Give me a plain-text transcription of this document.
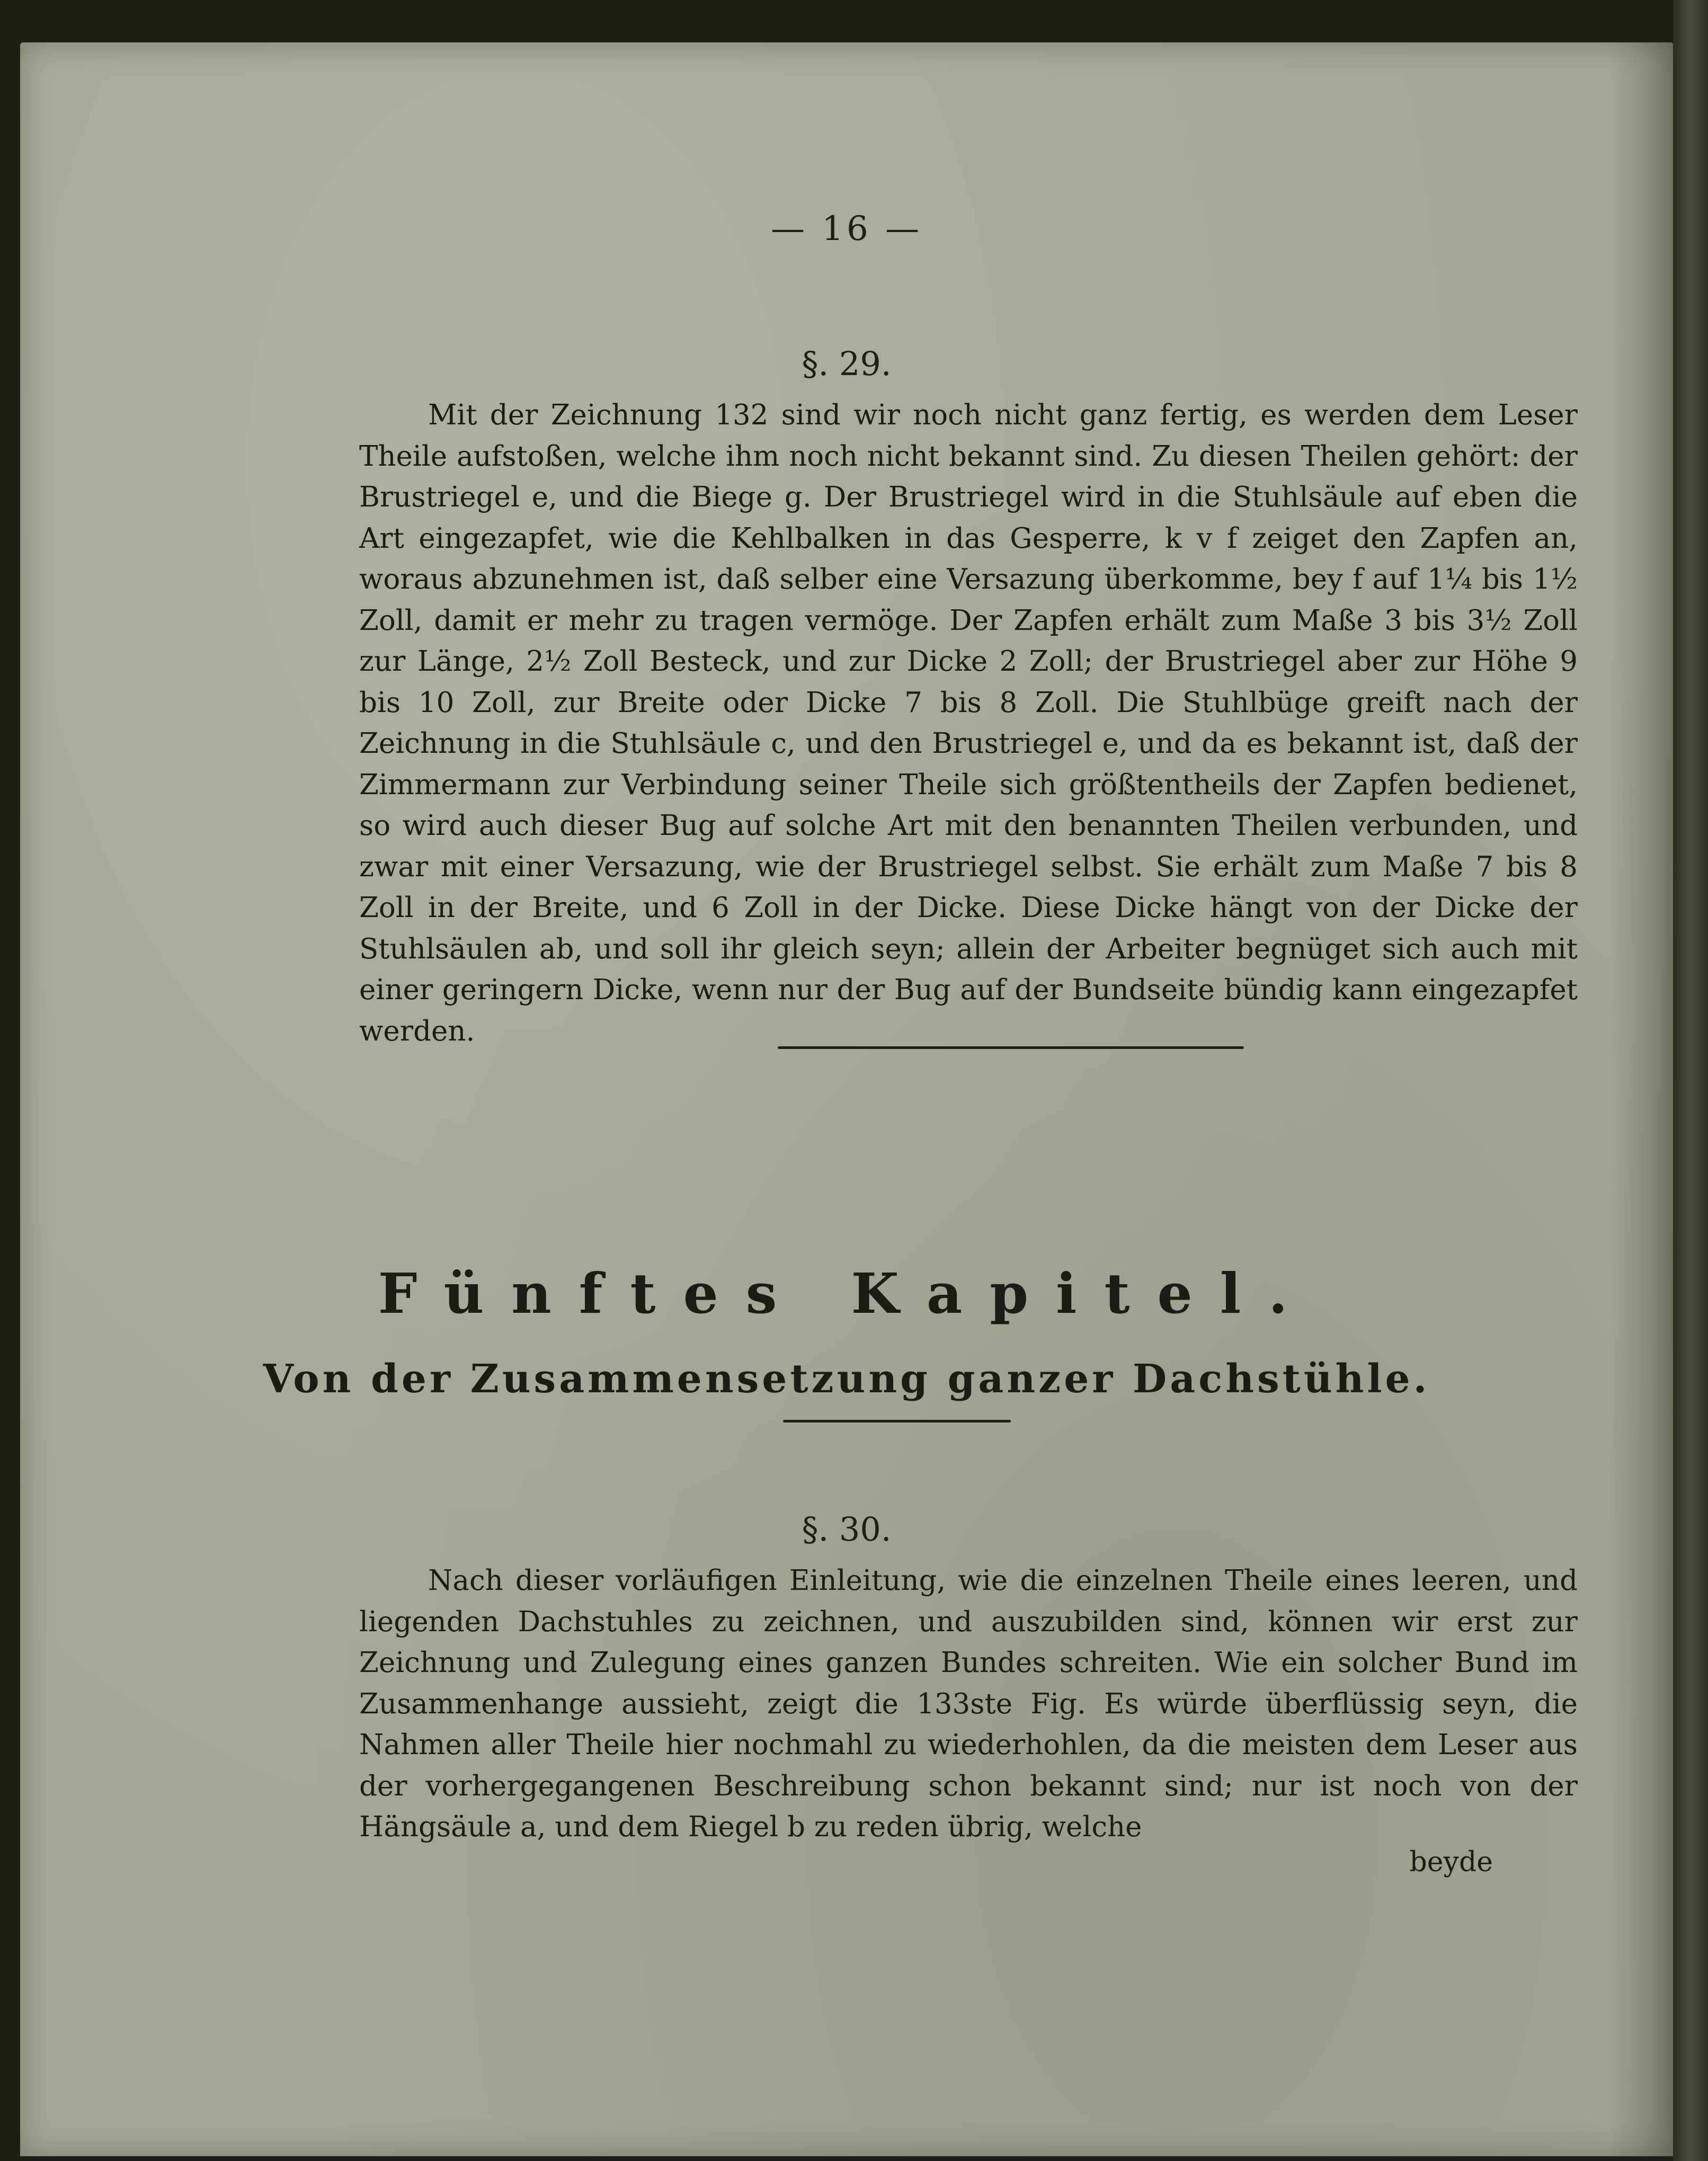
— 16 —
§. 29.

Mit der Zeichnung 132 sind wir noch nicht ganz fertig, es werden dem Leser Theile aufstoßen, welche ihm noch nicht bekannt sind. Zu diesen Theilen gehört: der Brustriegel e, und die Biege g. Der Brustriegel wird in die Stuhlsäule auf eben die Art eingezapfet, wie die Kehlbalken in das Gesperre, k v f zeiget den Zapfen an, woraus abzunehmen ist, daß selber eine Versazung überkomme, bey f auf 1¼ bis 1½ Zoll, damit er mehr zu tragen vermöge. Der Zapfen erhält zum Maße 3 bis 3½ Zoll zur Länge, 2½ Zoll Besteck, und zur Dicke 2 Zoll; der Brustriegel aber zur Höhe 9 bis 10 Zoll, zur Breite oder Dicke 7 bis 8 Zoll. Die Stuhlbüge greift nach der Zeichnung in die Stuhlsäule c, und den Brustriegel e, und da es bekannt ist, daß der Zimmermann zur Verbindung seiner Theile sich größtentheils der Zapfen bedienet, so wird auch dieser Bug auf solche Art mit den benannten Theilen verbunden, und zwar mit einer Versazung, wie der Brustriegel selbst. Sie erhält zum Maße 7 bis 8 Zoll in der Breite, und 6 Zoll in der Dicke. Diese Dicke hängt von der Dicke der Stuhlsäulen ab, und soll ihr gleich seyn; allein der Arbeiter begnüget sich auch mit einer geringern Dicke, wenn nur der Bug auf der Bundseite bündig kann eingezapfet werden.

Fünftes Kapitel.
Von der Zusammensetzung ganzer Dachstühle.
§. 30.

Nach dieser vorläufigen Einleitung, wie die einzelnen Theile eines leeren, und liegenden Dachstuhles zu zeichnen, und auszubilden sind, können wir erst zur Zeichnung und Zulegung eines ganzen Bundes schreiten. Wie ein solcher Bund im Zusammenhange aussieht, zeigt die 133ste Fig. Es würde überflüssig seyn, die Nahmen aller Theile hier nochmahl zu wiederhohlen, da die meisten dem Leser aus der vorhergegangenen Beschreibung schon bekannt sind; nur ist noch von der Hängsäule a, und dem Riegel b zu reden übrig, welche

beyde
